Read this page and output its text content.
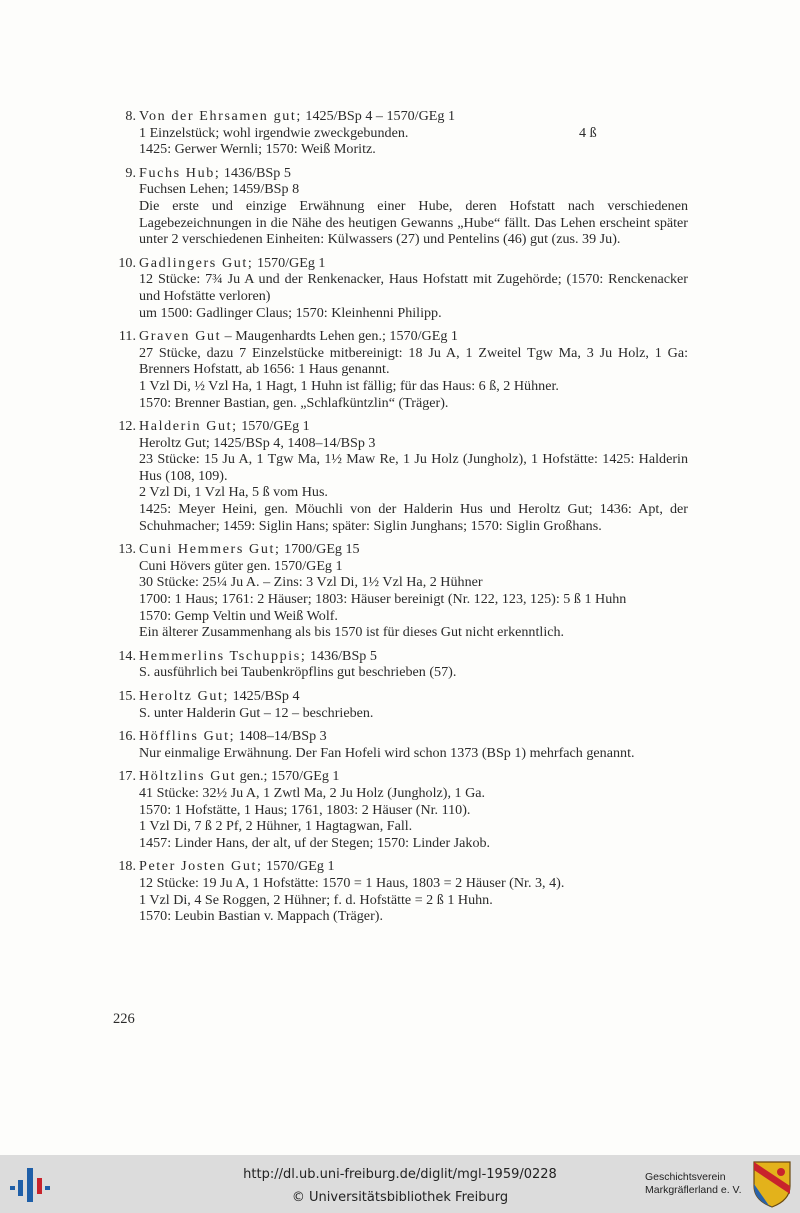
8. Von der Ehrsamen gut; 1425/BSp 4 – 1570/GEg 1
1 Einzelstück; wohl irgendwie zweckgebunden.	4 ß
1425: Gerwer Wernli; 1570: Weiß Moritz.
9. Fuchs Hub; 1436/BSp 5
Fuchsen Lehen; 1459/BSp 8
Die erste und einzige Erwähnung einer Hube, deren Hofstatt nach verschiedenen Lagebezeichnungen in die Nähe des heutigen Gewanns „Hube“ fällt. Das Lehen erscheint später unter 2 verschiedenen Einheiten: Külwassers (27) und Pentelins (46) gut (zus. 39 Ju).
10. Gadlingers Gut; 1570/GEg 1
12 Stücke: 7¾ Ju A und der Renkenacker, Haus Hofstatt mit Zugehörde; (1570: Renckenacker und Hofstätte verloren)
um 1500: Gadlinger Claus; 1570: Kleinhenni Philipp.
11. Graven Gut – Maugenhardts Lehen gen.; 1570/GEg 1
27 Stücke, dazu 7 Einzelstücke mitbereinigt: 18 Ju A, 1 Zweitel Tgw Ma, 3 Ju Holz, 1 Ga: Brenners Hofstatt, ab 1656: 1 Haus genannt.
1 Vzl Di, ½ Vzl Ha, 1 Hagt, 1 Huhn ist fällig; für das Haus: 6 ß, 2 Hühner.
1570: Brenner Bastian, gen. „Schlafküntzlin“ (Träger).
12. Halderin Gut; 1570/GEg 1
Heroltz Gut; 1425/BSp 4, 1408–14/BSp 3
23 Stücke: 15 Ju A, 1 Tgw Ma, 1½ Maw Re, 1 Ju Holz (Jungholz), 1 Hofstätte: 1425: Halderin Hus (108, 109).
2 Vzl Di, 1 Vzl Ha, 5 ß vom Hus.
1425: Meyer Heini, gen. Möuchli von der Halderin Hus und Heroltz Gut; 1436: Apt, der Schuhmacher; 1459: Siglin Hans; später: Siglin Junghans; 1570: Siglin Großhans.
13. Cuni Hemmers Gut; 1700/GEg 15
Cuni Hövers güter gen. 1570/GEg 1
30 Stücke: 25¼ Ju A. – Zins: 3 Vzl Di, 1½ Vzl Ha, 2 Hühner
1700: 1 Haus; 1761: 2 Häuser; 1803: Häuser bereinigt (Nr. 122, 123, 125): 5 ß 1 Huhn
1570: Gemp Veltin und Weiß Wolf.
Ein älterer Zusammenhang als bis 1570 ist für dieses Gut nicht erkenntlich.
14. Hemmerlins Tschuppis; 1436/BSp 5
S. ausführlich bei Taubenkröpflins gut beschrieben (57).
15. Heroltz Gut; 1425/BSp 4
S. unter Halderin Gut – 12 – beschrieben.
16. Höfflins Gut; 1408–14/BSp 3
Nur einmalige Erwähnung. Der Fan Hofeli wird schon 1373 (BSp 1) mehrfach genannt.
17. Höltzlins Gut gen.; 1570/GEg 1
41 Stücke: 32½ Ju A, 1 Zwtl Ma, 2 Ju Holz (Jungholz), 1 Ga.
1570: 1 Hofstätte, 1 Haus; 1761, 1803: 2 Häuser (Nr. 110).
1 Vzl Di, 7 ß 2 Pf, 2 Hühner, 1 Hagtagwan, Fall.
1457: Linder Hans, der alt, uf der Stegen; 1570: Linder Jakob.
18. Peter Josten Gut; 1570/GEg 1
12 Stücke: 19 Ju A, 1 Hofstätte: 1570 = 1 Haus, 1803 = 2 Häuser (Nr. 3, 4).
1 Vzl Di, 4 Se Roggen, 2 Hühner; f. d. Hofstätte = 2 ß 1 Huhn.
1570: Leubin Bastian v. Mappach (Träger).
226
http://dl.ub.uni-freiburg.de/diglit/mgl-1959/0228
© Universitätsbibliothek Freiburg
Geschichtsverein
Markgräflerland e. V.
